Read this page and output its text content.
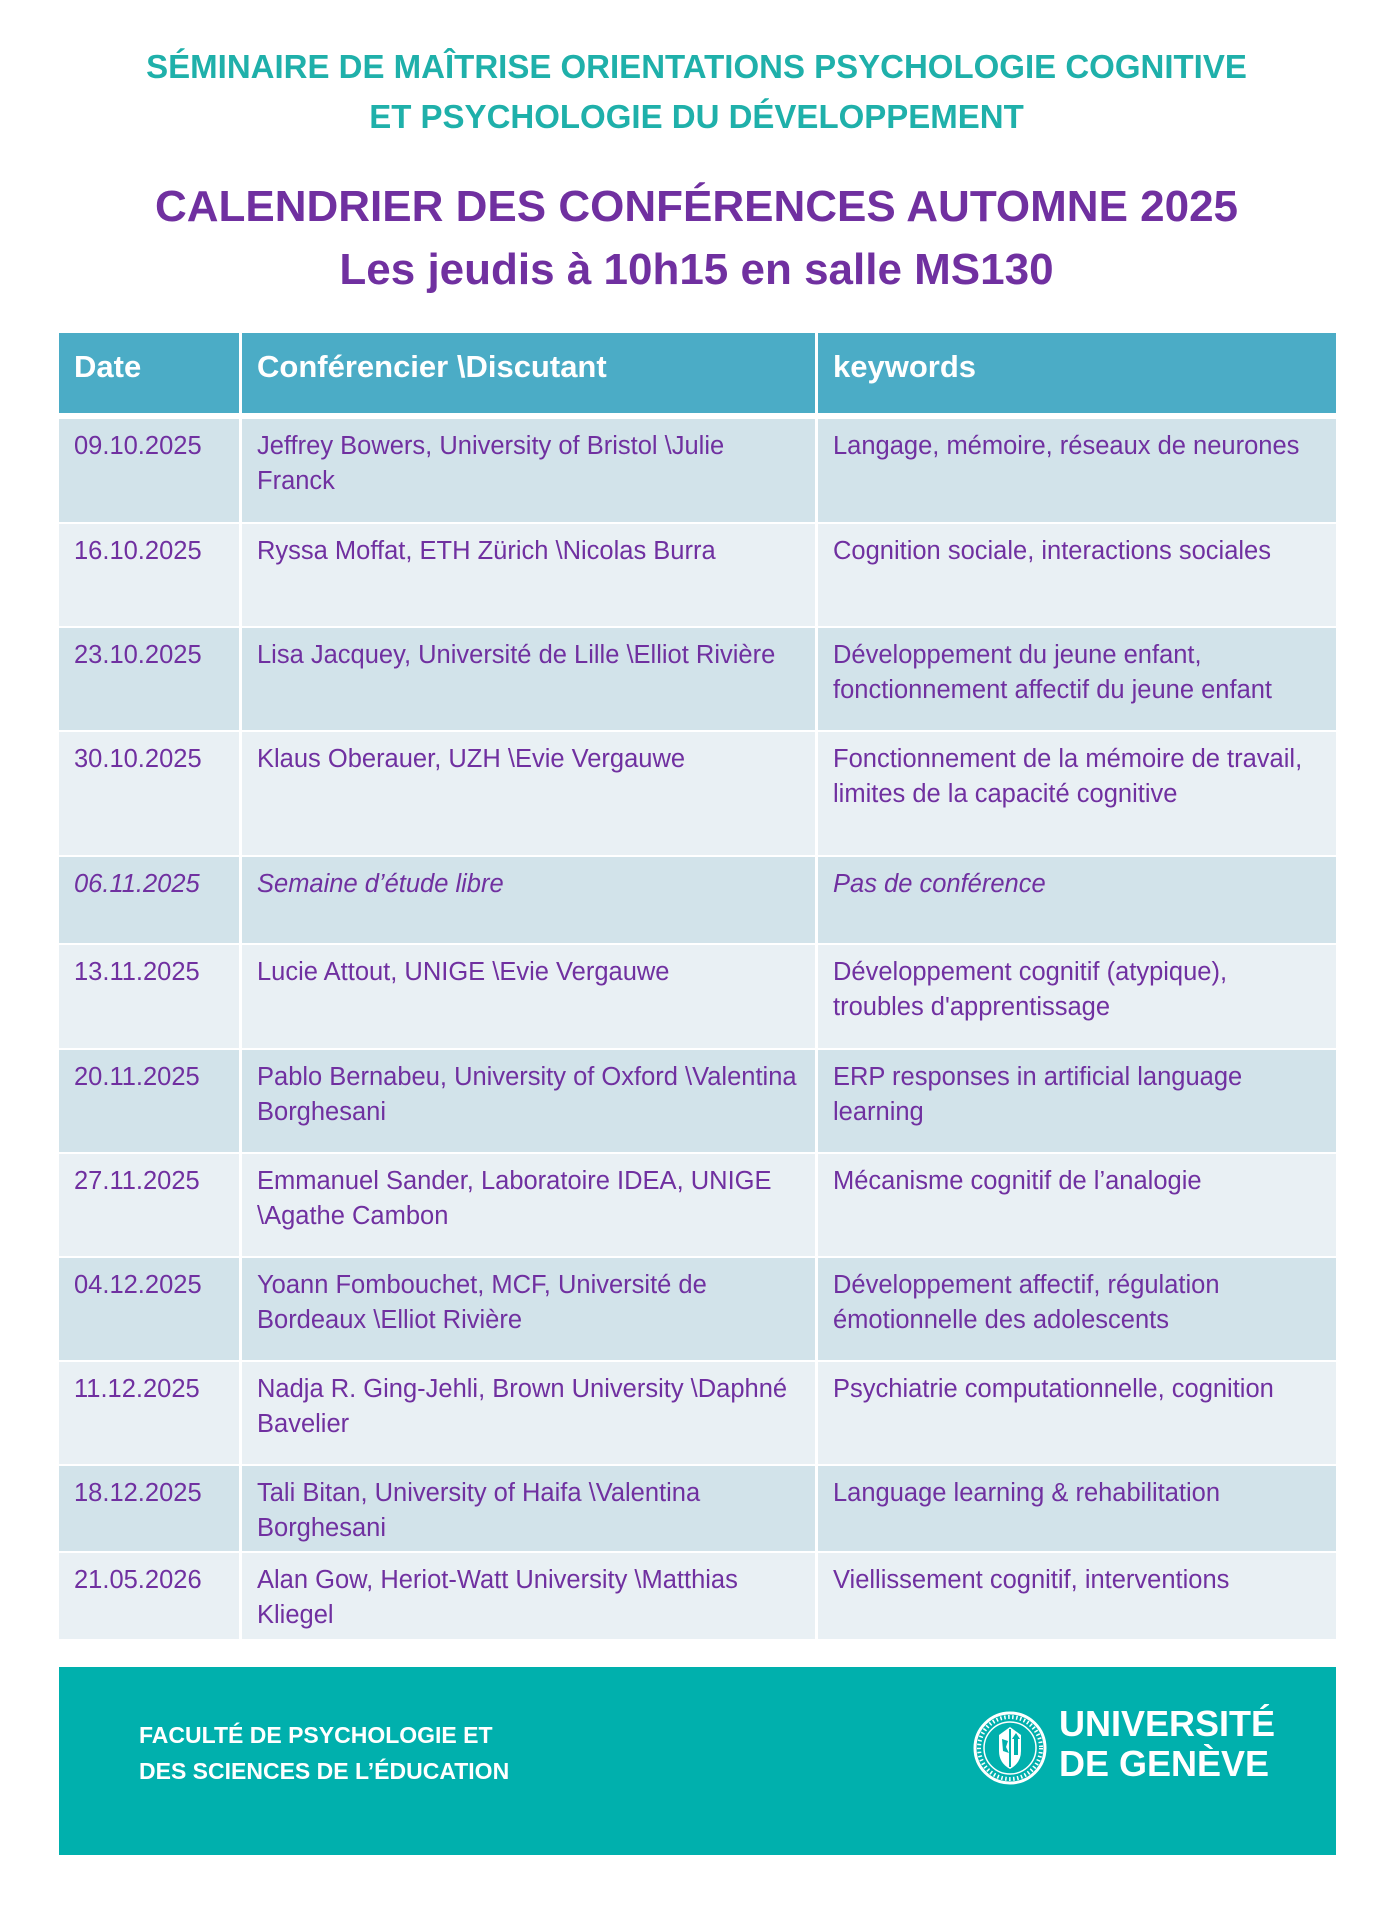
SÉMINAIRE DE MAÎTRISE ORIENTATIONS PSYCHOLOGIE COGNITIVE
ET PSYCHOLOGIE DU DÉVELOPPEMENT
CALENDRIER DES CONFÉRENCES AUTOMNE 2025
Les jeudis à 10h15 en salle MS130
Date	Conférencier \Discutant	keywords
09.10.2025	Jeffrey Bowers, University of Bristol \Julie Franck	Langage, mémoire, réseaux de neurones
16.10.2025	Ryssa Moffat, ETH Zürich \Nicolas Burra	Cognition sociale, interactions sociales
23.10.2025	Lisa Jacquey, Université de Lille \Elliot Rivière	Développement du jeune enfant, fonctionnement affectif du jeune enfant
30.10.2025	Klaus Oberauer, UZH \Evie Vergauwe	Fonctionnement de la mémoire de travail, limites de la capacité cognitive
06.11.2025	Semaine d’étude libre	Pas de conférence
13.11.2025	Lucie Attout, UNIGE \Evie Vergauwe	Développement cognitif (atypique), troubles d'apprentissage
20.11.2025	Pablo Bernabeu, University of Oxford \Valentina Borghesani	ERP responses in artificial language learning
27.11.2025	Emmanuel Sander, Laboratoire IDEA, UNIGE \Agathe Cambon	Mécanisme cognitif de l’analogie
04.12.2025	Yoann Fombouchet, MCF, Université de Bordeaux \Elliot Rivière	Développement affectif, régulation émotionnelle des adolescents
11.12.2025	Nadja R. Ging-Jehli, Brown University \Daphné Bavelier	Psychiatrie computationnelle, cognition
18.12.2025	Tali Bitan, University of Haifa \Valentina Borghesani	Language learning & rehabilitation
21.05.2026	Alan Gow, Heriot-Watt University \Matthias Kliegel	Viellissement cognitif, interventions
FACULTÉ DE PSYCHOLOGIE ET
DES SCIENCES DE L’ÉDUCATION
UNIVERSITÉ
DE GENÈVE
